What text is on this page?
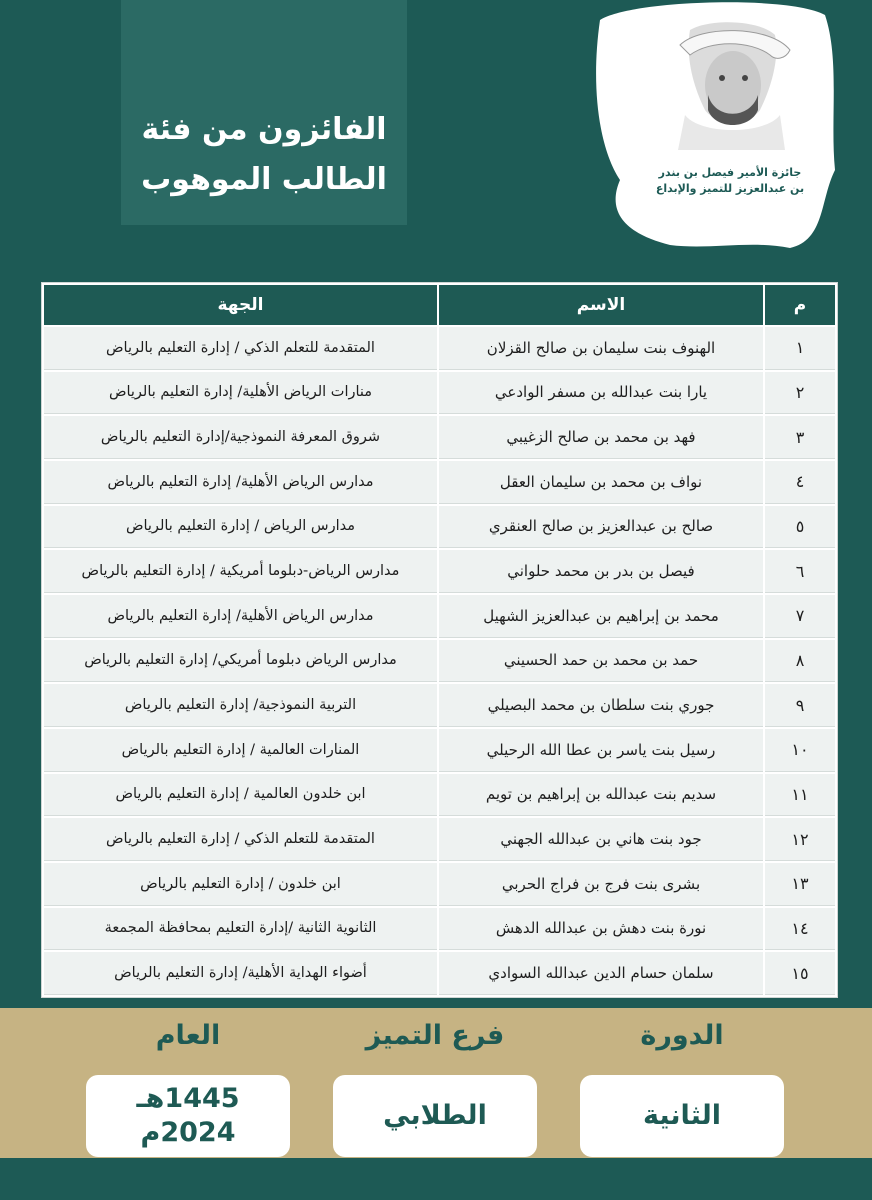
الفائزون من فئة
الطالب الموهوب	جائزة الأمير فيصل بن بندر بن عبدالعزيز للتميز والإبداع
م	الاسم	الجهة
١	الهنوف بنت سليمان بن صالح القزلان	المتقدمة للتعلم الذكي / إدارة التعليم بالرياض
٢	يارا بنت عبدالله بن مسفر الوادعي	منارات الرياض الأهلية/ إدارة التعليم بالرياض
٣	فهد بن محمد بن صالح الزغيبي	شروق المعرفة النموذجية/إدارة التعليم بالرياض
٤	نواف بن محمد بن سليمان العقل	مدارس الرياض الأهلية/ إدارة التعليم بالرياض
٥	صالح بن عبدالعزيز بن صالح العنقري	مدارس الرياض / إدارة التعليم بالرياض
٦	فيصل بن بدر بن محمد حلواني	مدارس الرياض-دبلوما أمريكية / إدارة التعليم بالرياض
٧	محمد بن إبراهيم بن عبدالعزيز الشهيل	مدارس الرياض الأهلية/ إدارة التعليم بالرياض
٨	حمد بن محمد بن حمد الحسيني	مدارس الرياض دبلوما أمريكي/ إدارة التعليم بالرياض
٩	جوري بنت سلطان بن محمد البصيلي	التربية النموذجية/ إدارة التعليم بالرياض
١٠	رسيل بنت ياسر بن عطا الله الرحيلي	المنارات العالمية / إدارة التعليم بالرياض
١١	سديم بنت عبدالله بن إبراهيم بن تويم	ابن خلدون العالمية / إدارة التعليم بالرياض
١٢	جود بنت هاني بن عبدالله الجهني	المتقدمة للتعلم الذكي / إدارة التعليم بالرياض
١٣	بشرى بنت فرج بن فراج الحربي	ابن خلدون / إدارة التعليم بالرياض
١٤	نورة بنت دهش بن عبدالله الدهش	الثانوية الثانية /إدارة التعليم بمحافظة المجمعة
١٥	سلمان حسام الدين عبدالله السوادي	أضواء الهداية الأهلية/ إدارة التعليم بالرياض
الدورة
الثانية
فرع التميز
الطلابي
العام
1445هـ
2024م
